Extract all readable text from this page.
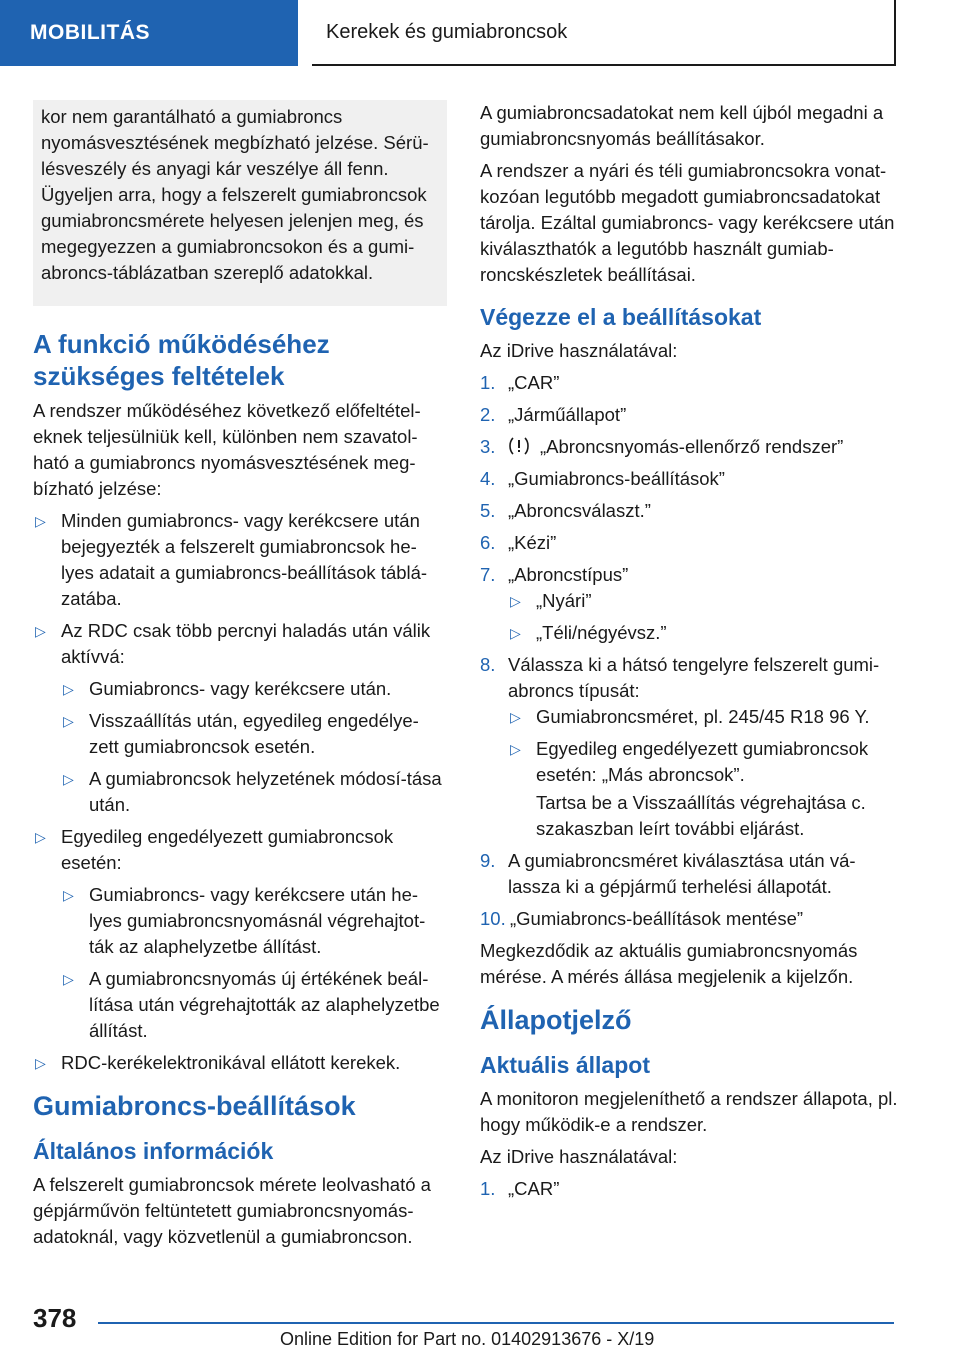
MOBILITÁS	Kerekek és gumiabroncsok

kor nem garantálható a gumiabroncs

nyomásvesztésének megbízható jelzése. Sérü-

lésveszély és anyagi kár veszélye áll fenn.

Ügyeljen arra, hogy a felszerelt gumiabroncsok

gumiabroncsmérete helyesen jelenjen meg, és

megegyezzen a gumiabroncsokon és a gumi-

abroncs-táblázatban szereplő adatokkal.

A funkció működéséhez szükséges feltételek

A rendszer működéséhez következő előfeltétel-eknek teljesülniük kell, különben nem szavatol-ható a gumiabroncs nyomásvesztésének meg-bízható jelzése:

▷ Minden gumiabroncs- vagy kerékcsere után bejegyezték a felszerelt gumiabroncsok he-lyes adatait a gumiabroncs-beállítások táblá-zatába.
▷ Az RDC csak több percnyi haladás után válik aktívvá:
▷ Gumiabroncs- vagy kerékcsere után.
▷ Visszaállítás után, egyedileg engedélye-zett gumiabroncsok esetén.
▷ A gumiabroncsok helyzetének módosí-tása után.
▷ Egyedileg engedélyezett gumiabroncsok esetén:
▷ Gumiabroncs- vagy kerékcsere után he-lyes gumiabroncsnyomásnál végrehajtot-ták az alaphelyzetbe állítást.
▷ A gumiabroncsnyomás új értékének beál-lítása után végrehajtották az alaphelyzetbe állítást.
▷ RDC-kerékelektronikával ellátott kerekek.
Gumiabroncs-beállítások
Általános információk

A felszerelt gumiabroncsok mérete leolvasható a gépjárművön feltüntetett gumiabroncsnyomás-adatoknál, vagy közvetlenül a gumiabroncson.

A gumiabroncsadatokat nem kell újból megadni a gumiabroncsnyomás beállításakor.

A rendszer a nyári és téli gumiabroncsokra vonat-kozóan legutóbb megadott gumiabroncsadatokat tárolja. Ezáltal gumiabroncs- vagy kerékcsere után kiválaszthatók a legutóbb használt gumiab-roncskészletek beállításai.

Végezze el a beállításokat

Az iDrive használatával:

1. „CAR”
2. „Járműállapot”
3. „Abroncsnyomás-ellenőrző rendszer”
4. „Gumiabroncs-beállítások”
5. „Abroncsválaszt.”
6. „Kézi”
7. „Abroncstípus”
▷ „Nyári”
▷ „Téli/négyévsz.”
8. Válassza ki a hátsó tengelyre felszerelt gumi-abroncs típusát:
▷ Gumiabroncsméret, pl. 245/45 R18 96 Y.
▷ Egyedileg engedélyezett gumiabroncsok esetén: „Más abroncsok”.

Tartsa be a Visszaállítás végrehajtása c. szakaszban leírt további eljárást.

9. A gumiabroncsméret kiválasztása után vá-lassza ki a gépjármű terhelési állapotát.
10. „Gumiabroncs-beállítások mentése”

Megkezdődik az aktuális gumiabroncsnyomás mérése. A mérés állása megjelenik a kijelzőn.

Állapotjelző
Aktuális állapot

A monitoron megjeleníthető a rendszer állapota, pl. hogy működik-e a rendszer.

Az iDrive használatával:

1. „CAR”
378
Online Edition for Part no. 01402913676 - X/19
